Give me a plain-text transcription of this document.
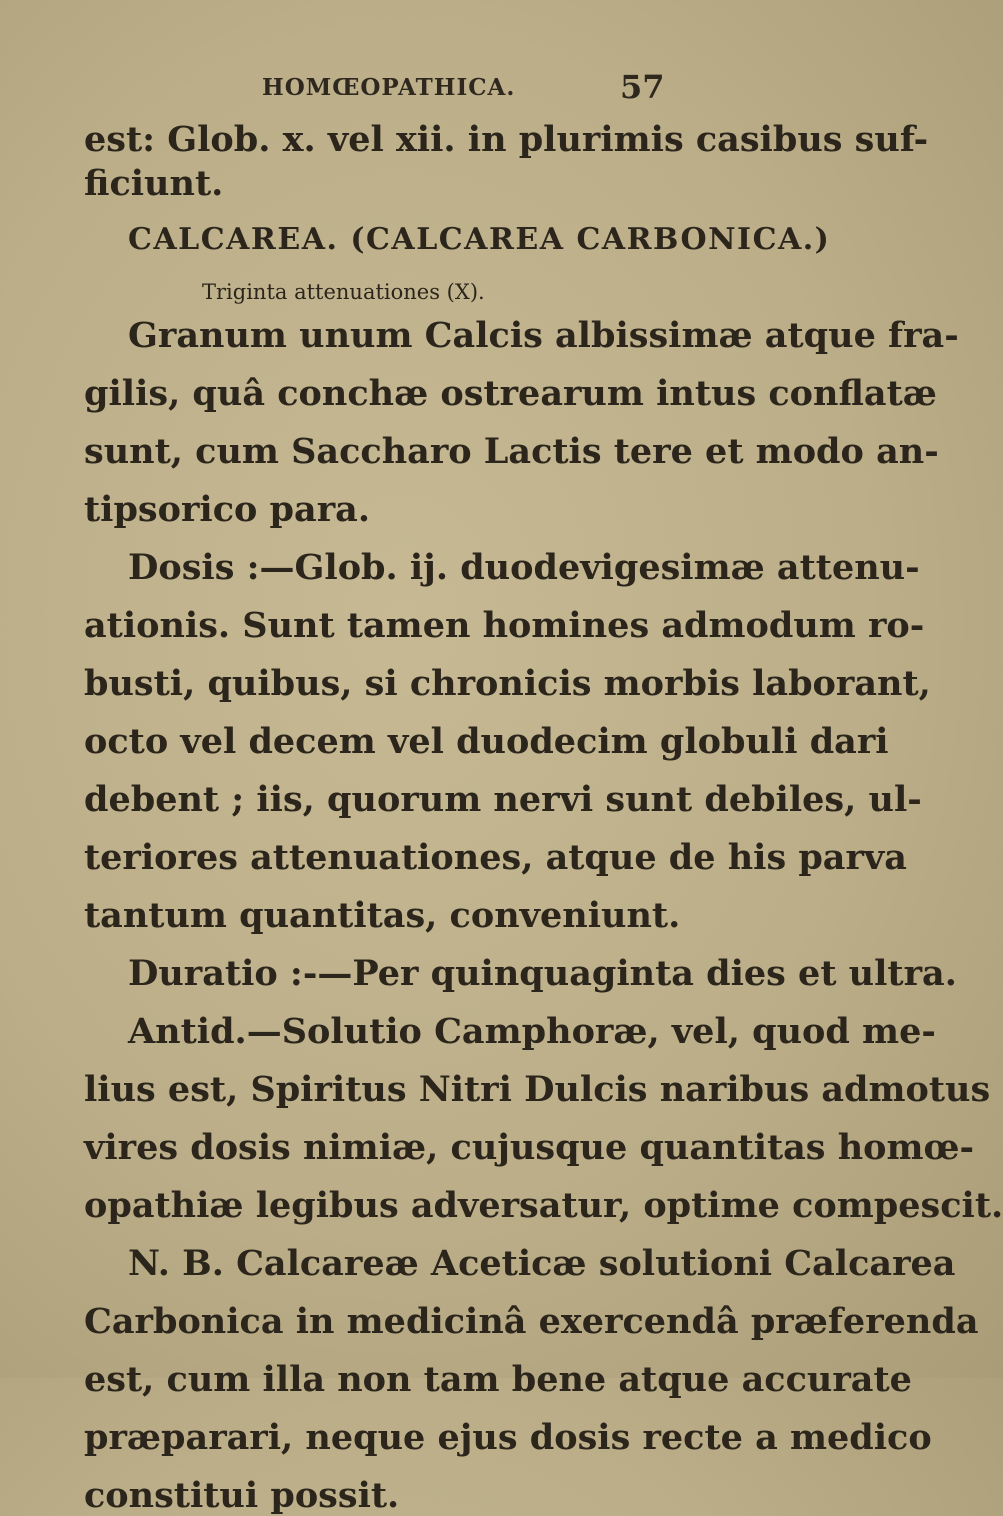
HOMŒOPATHICA.	57
est: Glob. x. vel xii. in plurimis casibus suf-
ficiunt.
CALCAREA. (CALCAREA CARBONICA.)
Triginta attenuationes (X).
Granum unum Calcis albissimæ atque fra-
gilis, quâ conchæ ostrearum intus conflatæ
sunt, cum Saccharo Lactis tere et modo an-
tipsorico para.
Dosis :—Glob. ij. duodevigesimæ attenu-
ationis. Sunt tamen homines admodum ro-
busti, quibus, si chronicis morbis laborant,
octo vel decem vel duodecim globuli dari
debent ; iis, quorum nervi sunt debiles, ul-
teriores attenuationes, atque de his parva
tantum quantitas, conveniunt.
Duratio :-—Per quinquaginta dies et ultra.
Antid.—Solutio Camphoræ, vel, quod me-
lius est, Spiritus Nitri Dulcis naribus admotus
vires dosis nimiæ, cujusque quantitas homœ-
opathiæ legibus adversatur, optime compescit.
N. B. Calcareæ Aceticæ solutioni Calcarea
Carbonica in medicinâ exercendâ præferenda
est, cum illa non tam bene atque accurate
præparari, neque ejus dosis recte a medico
constitui possit.
